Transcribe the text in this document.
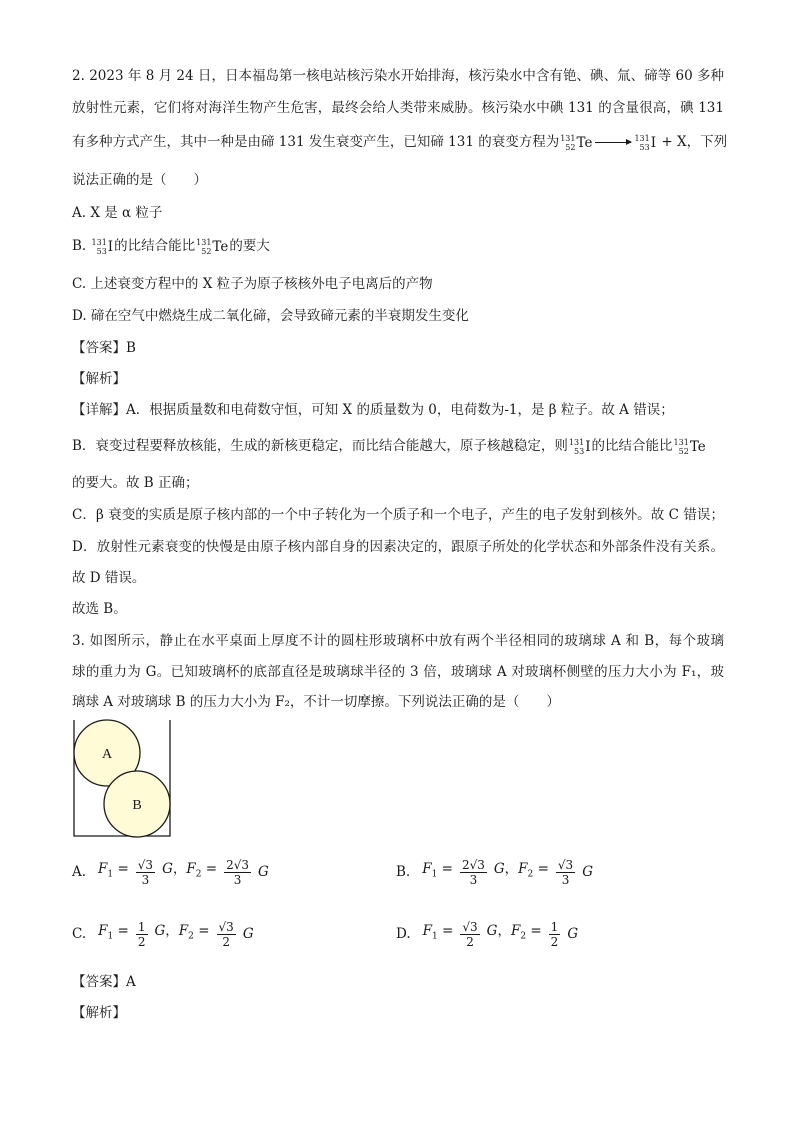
2. 2023 年 8 月 24 日，日本福岛第一核电站核污染水开始排海，核污染水中含有铯、碘、氚、碲等 60 多种
放射性元素，它们将对海洋生物产生危害，最终会给人类带来威胁。核污染水中碘 131 的含量很高，碘 131
有多种方式产生，其中一种是由碲 131 发生衰变产生，已知碲 131 的衰变方程为 131
52 Te	131
53 I + X，下列
说法正确的是（　　）
A. X 是 α 粒子
B. 131
53 I 的比结合能比 131
52 Te 的要大
C. 上述衰变方程中的 X 粒子为原子核核外电子电离后的产物
D. 碲在空气中燃烧生成二氧化碲，会导致碲元素的半衰期发生变化
【答案】B
【解析】
【详解】A．根据质量数和电荷数守恒，可知 X 的质量数为 0，电荷数为-1，是 β 粒子。故 A 错误；
B．衰变过程要释放核能，生成的新核更稳定，而比结合能越大，原子核越稳定，则 131
53 I 的比结合能比 131
52 Te
的要大。故 B 正确；
C．β 衰变的实质是原子核内部的一个中子转化为一个质子和一个电子，产生的电子发射到核外。故 C 错误；
D．放射性元素衰变的快慢是由原子核内部自身的因素决定的，跟原子所处的化学状态和外部条件没有关系。
故 D 错误。
故选 B。
3. 如图所示，静止在水平桌面上厚度不计的圆柱形玻璃杯中放有两个半径相同的玻璃球 A 和 B，每个玻璃
球的重力为 G。已知玻璃杯的底部直径是玻璃球半径的 3 倍，玻璃球 A 对玻璃杯侧壁的压力大小为 F₁，玻
璃球 A 对玻璃球 B 的压力大小为 F₂，不计一切摩擦。下列说法正确的是（　　）
A
B
A. $F_1 = \frac{√3}{3}$ G，$F_2 = \frac{2√3}{3}$ G	B. $F_1 = \frac{2√3}{3}$ G，$F_2 = \frac{√3}{3}$ G
C. $F_1 = \frac{1}{2}$ G，$F_2 = \frac{√3}{2}$ G	D. $F_1 = \frac{√3}{2}$ G，$F_2 = \frac{1}{2}$ G
【答案】A
【解析】
